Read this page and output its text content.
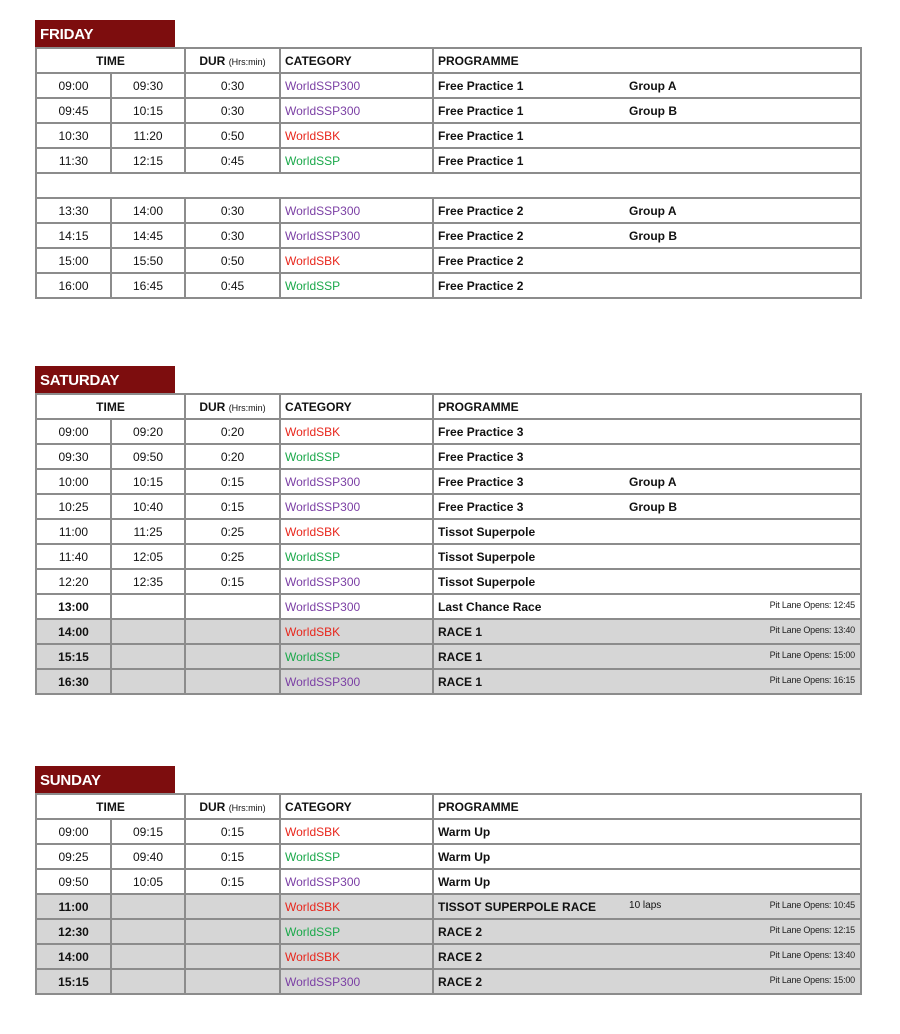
FRIDAY
TIME		DUR (Hrs:min)	CATEGORY	PROGRAMME
09:00	09:30	0:30	WorldSSP300	Free Practice 1 Group A

09:45	10:15	0:30	WorldSSP300	Free Practice 1 Group B

10:30	11:20	0:50	WorldSBK	Free Practice 1
11:30	12:15	0:45	WorldSSP	Free Practice 1

13:30	14:00	0:30	WorldSSP300	Free Practice 2 Group A

14:15	14:45	0:30	WorldSSP300	Free Practice 2 Group B

15:00	15:50	0:50	WorldSBK	Free Practice 2
16:00	16:45	0:45	WorldSSP	Free Practice 2
SATURDAY
TIME		DUR (Hrs:min)	CATEGORY	PROGRAMME
09:00	09:20	0:20	WorldSBK	Free Practice 3
09:30	09:50	0:20	WorldSSP	Free Practice 3
10:00	10:15	0:15	WorldSSP300	Free Practice 3 Group A

10:25	10:40	0:15	WorldSSP300	Free Practice 3 Group B

11:00	11:25	0:25	WorldSBK	Tissot Superpole
11:40	12:05	0:25	WorldSSP	Tissot Superpole
12:20	12:35	0:15	WorldSSP300	Tissot Superpole
13:00			WorldSSP300	Last Chance Race Pit Lane Opens: 12:45

14:00			WorldSBK	RACE 1 Pit Lane Opens: 13:40

15:15			WorldSSP	RACE 1 Pit Lane Opens: 15:00

16:30			WorldSSP300	RACE 1 Pit Lane Opens: 16:15
SUNDAY
TIME		DUR (Hrs:min)	CATEGORY	PROGRAMME
09:00	09:15	0:15	WorldSBK	Warm Up
09:25	09:40	0:15	WorldSSP	Warm Up
09:50	10:05	0:15	WorldSSP300	Warm Up
11:00			WorldSBK	TISSOT SUPERPOLE RACE 10 laps Pit Lane Opens: 10:45

12:30			WorldSSP	RACE 2 Pit Lane Opens: 12:15

14:00			WorldSBK	RACE 2 Pit Lane Opens: 13:40

15:15			WorldSSP300	RACE 2 Pit Lane Opens: 15:00
